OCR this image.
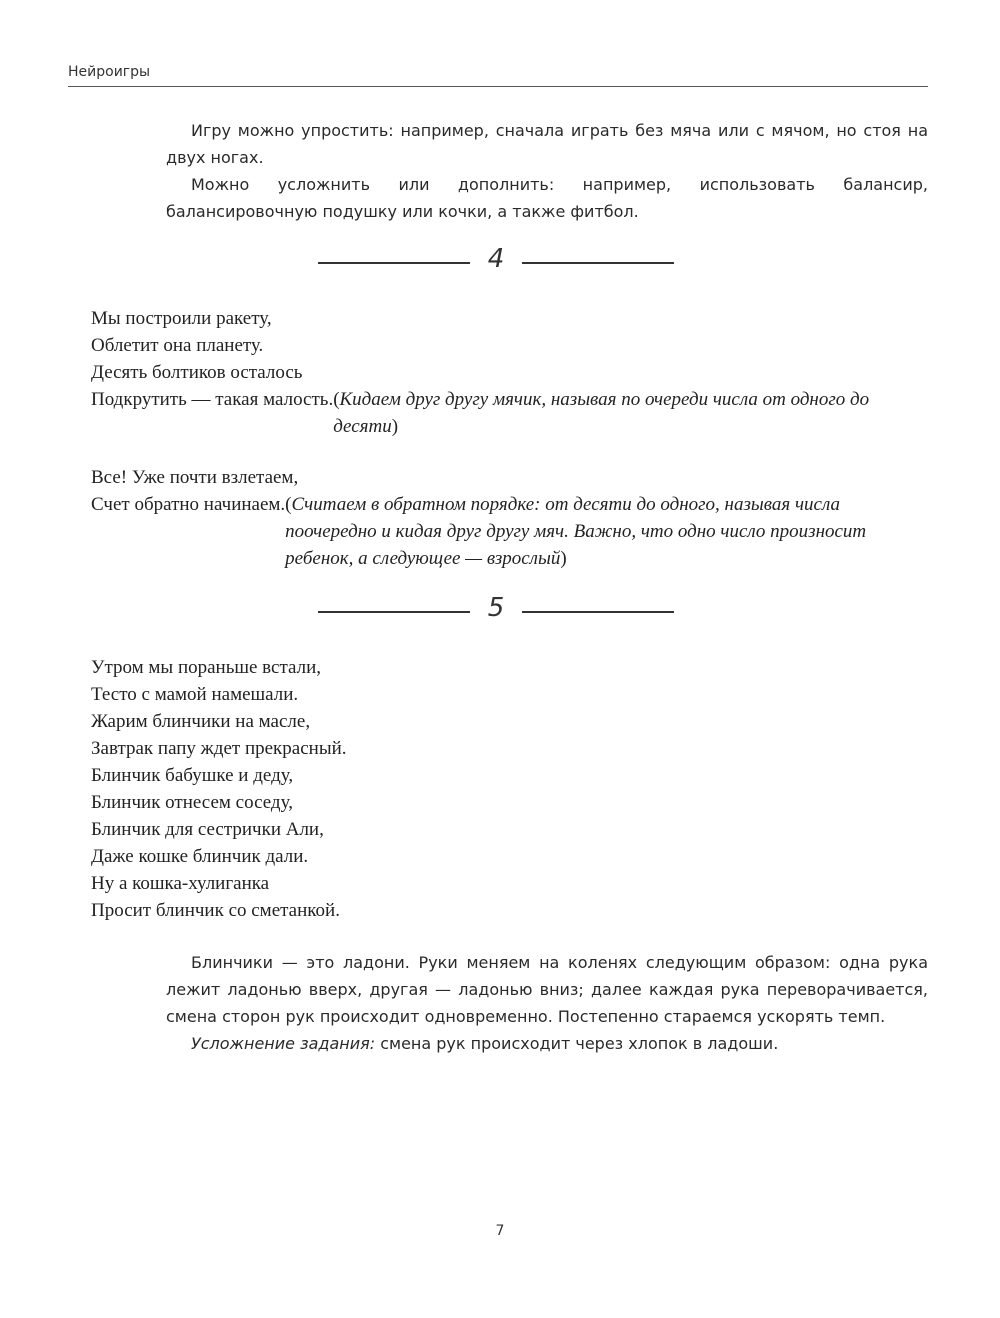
Нейроигры

Игру можно упростить: например, сначала играть без мяча или с мячом, но стоя на двух ногах.

Можно усложнить или дополнить: например, использовать балансир, балансировочную подушку или кочки, а также фитбол.

4
Мы построили ракету,
Облетит она планету.
Десять болтиков осталось
Подкрутить — такая малость. (Кидаем друг другу мячик, называя по очереди числа от одного до десяти)
Все! Уже почти взлетаем,
Счет обратно начинаем. (Считаем в обратном порядке: от десяти до одного, называя числа поочередно и кидая друг другу мяч. Важно, что одно число произносит ребенок, а следующее — взрослый)
5
Утром мы пораньше встали,
Тесто с мамой намешали.
Жарим блинчики на масле,
Завтрак папу ждет прекрасный.
Блинчик бабушке и деду,
Блинчик отнесем соседу,
Блинчик для сестрички Али,
Даже кошке блинчик дали.
Ну а кошка-хулиганка
Просит блинчик со сметанкой.

Блинчики — это ладони. Руки меняем на коленях следующим образом: одна рука лежит ладонью вверх, другая — ладонью вниз; далее каждая рука переворачивается, смена сторон рук происходит одновременно. Постепенно стараемся ускорять темп.

Усложнение задания: смена рук происходит через хлопок в ладоши.

7
